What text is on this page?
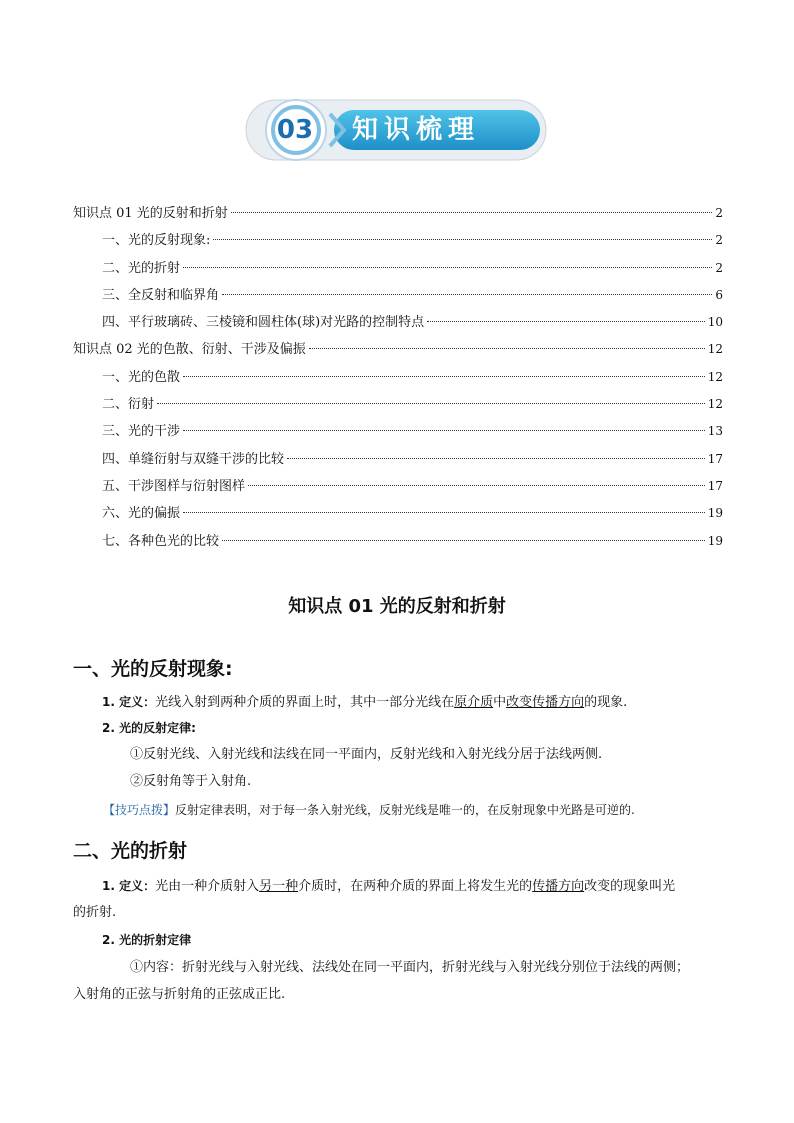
03 知识梳理
知识点 01 光的反射和折射	2
一、光的反射现象:	2
二、光的折射	2
三、全反射和临界角	6
四、平行玻璃砖、三棱镜和圆柱体(球)对光路的控制特点	10
知识点 02 光的色散、衍射、干涉及偏振	12
一、光的色散	12
二、衍射	12
三、光的干涉	13
四、单缝衍射与双缝干涉的比较	17
五、干涉图样与衍射图样	17
六、光的偏振	19
七、各种色光的比较	19
知识点 01 光的反射和折射
一、光的反射现象:
1. 定义：光线入射到两种介质的界面上时，其中一部分光线在原介质中改变传播方向的现象.
2. 光的反射定律:
①反射光线、入射光线和法线在同一平面内，反射光线和入射光线分居于法线两侧.
②反射角等于入射角.
【技巧点拨】反射定律表明，对于每一条入射光线，反射光线是唯一的，在反射现象中光路是可逆的.
二、光的折射
1. 定义：光由一种介质射入另一种介质时，在两种介质的界面上将发生光的传播方向改变的现象叫光
的折射.
2. 光的折射定律
①内容：折射光线与入射光线、法线处在同一平面内，折射光线与入射光线分别位于法线的两侧；
入射角的正弦与折射角的正弦成正比.
